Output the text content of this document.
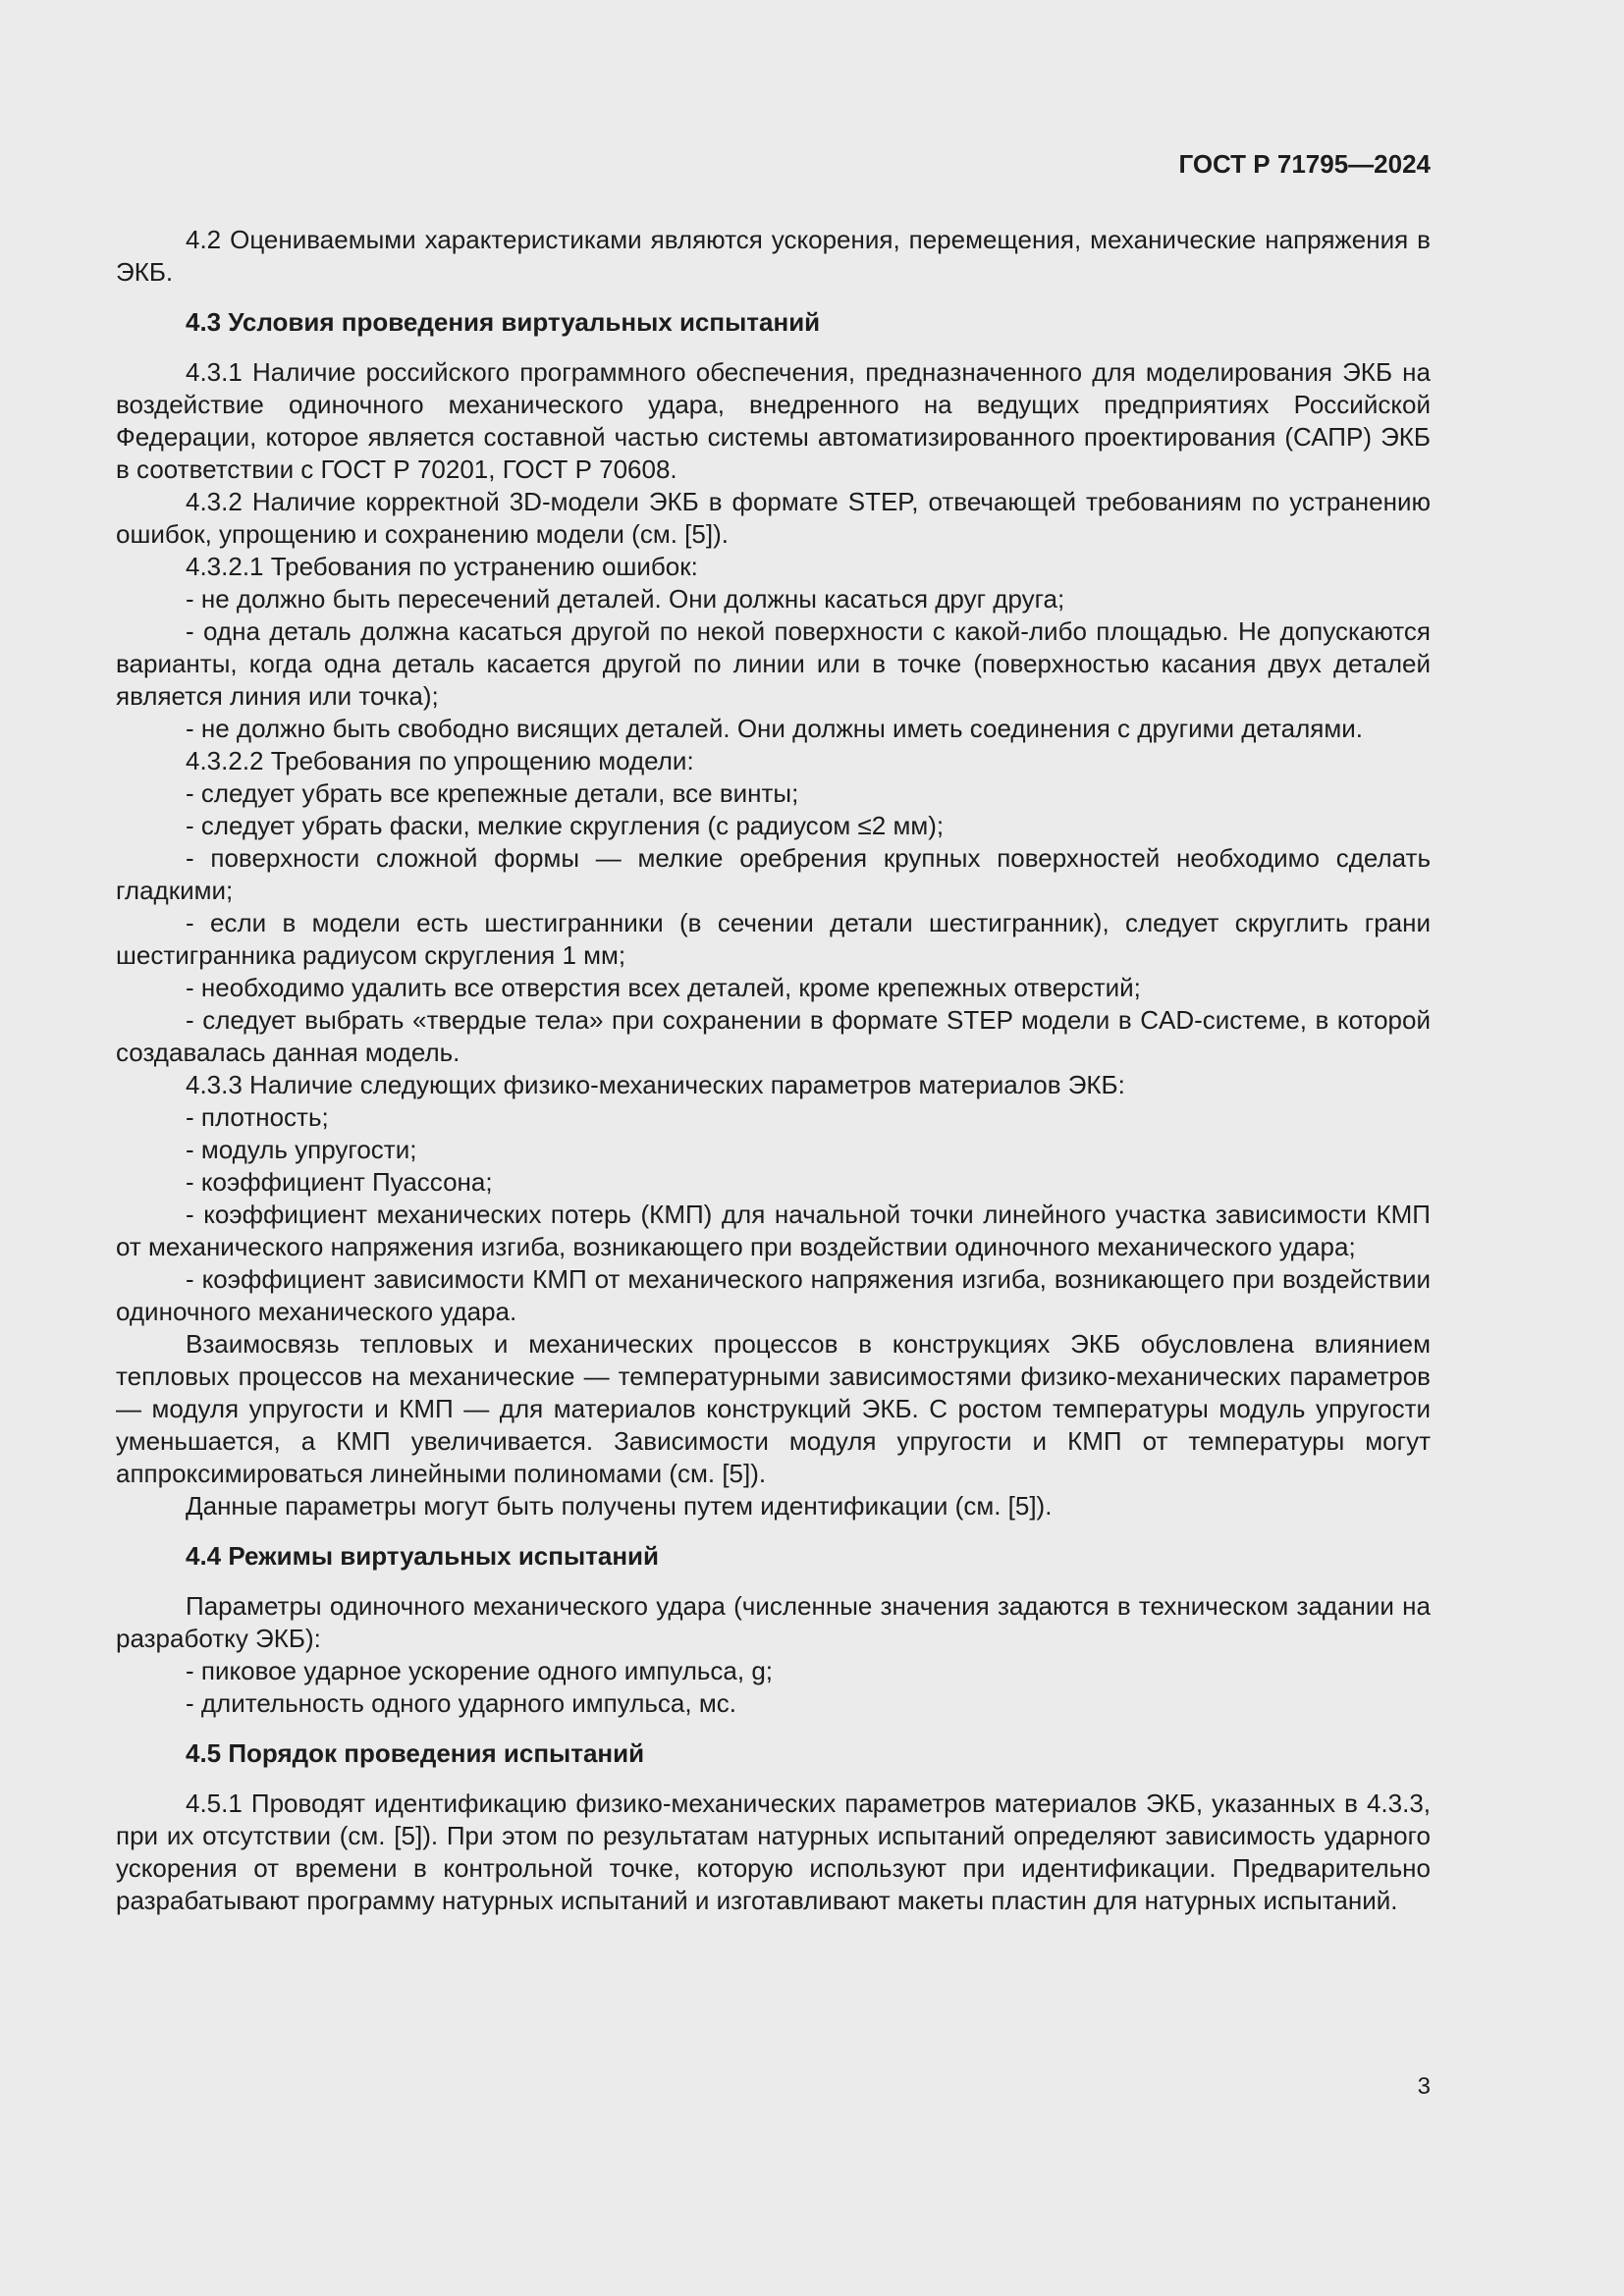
ГОСТ Р 71795—2024

4.2 Оцениваемыми характеристиками являются ускорения, перемещения, механические напряжения в ЭКБ.

4.3 Условия проведения виртуальных испытаний

4.3.1 Наличие российского программного обеспечения, предназначенного для моделирования ЭКБ на воздействие одиночного механического удара, внедренного на ведущих предприятиях Российской Федерации, которое является составной частью системы автоматизированного проектирования (САПР) ЭКБ в соответствии с ГОСТ Р 70201, ГОСТ Р 70608.

4.3.2 Наличие корректной 3D-модели ЭКБ в формате STEP, отвечающей требованиям по устранению ошибок, упрощению и сохранению модели (см. [5]).

4.3.2.1 Требования по устранению ошибок:

- не должно быть пересечений деталей. Они должны касаться друг друга;

- одна деталь должна касаться другой по некой поверхности с какой-либо площадью. Не допускаются варианты, когда одна деталь касается другой по линии или в точке (поверхностью касания двух деталей является линия или точка);

- не должно быть свободно висящих деталей. Они должны иметь соединения с другими деталями.

4.3.2.2 Требования по упрощению модели:

- следует убрать все крепежные детали, все винты;

- следует убрать фаски, мелкие скругления (с радиусом ≤2 мм);

- поверхности сложной формы — мелкие оребрения крупных поверхностей необходимо сделать гладкими;

- если в модели есть шестигранники (в сечении детали шестигранник), следует скруглить грани шестигранника радиусом скругления 1 мм;

- необходимо удалить все отверстия всех деталей, кроме крепежных отверстий;

- следует выбрать «твердые тела» при сохранении в формате STEP модели в CAD-системе, в которой создавалась данная модель.

4.3.3 Наличие следующих физико-механических параметров материалов ЭКБ:

- плотность;

- модуль упругости;

- коэффициент Пуассона;

- коэффициент механических потерь (КМП) для начальной точки линейного участка зависимости КМП от механического напряжения изгиба, возникающего при воздействии одиночного механического удара;

- коэффициент зависимости КМП от механического напряжения изгиба, возникающего при воздействии одиночного механического удара.

Взаимосвязь тепловых и механических процессов в конструкциях ЭКБ обусловлена влиянием тепловых процессов на механические — температурными зависимостями физико-механических параметров — модуля упругости и КМП — для материалов конструкций ЭКБ. С ростом температуры модуль упругости уменьшается, а КМП увеличивается. Зависимости модуля упругости и КМП от температуры могут аппроксимироваться линейными полиномами (см. [5]).

Данные параметры могут быть получены путем идентификации (см. [5]).

4.4 Режимы виртуальных испытаний

Параметры одиночного механического удара (численные значения задаются в техническом задании на разработку ЭКБ):

- пиковое ударное ускорение одного импульса, g;

- длительность одного ударного импульса, мс.

4.5 Порядок проведения испытаний

4.5.1 Проводят идентификацию физико-механических параметров материалов ЭКБ, указанных в 4.3.3, при их отсутствии (см. [5]). При этом по результатам натурных испытаний определяют зависимость ударного ускорения от времени в контрольной точке, которую используют при идентификации. Предварительно разрабатывают программу натурных испытаний и изготавливают макеты пластин для натурных испытаний.

3
